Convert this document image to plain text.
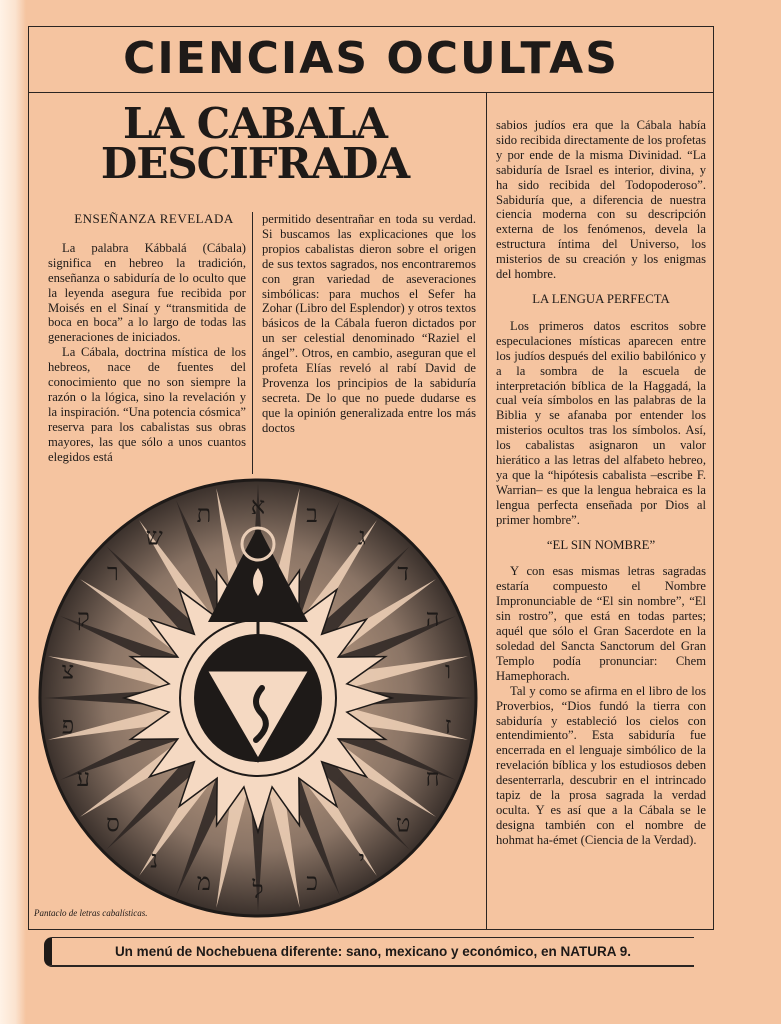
CIENCIAS OCULTAS
LA CABALA
DESCIFRADA

ENSEÑANZA REVELADA

La palabra Kábbalá (Cábala) significa en hebreo la tradición, enseñanza o sabiduría de lo oculto que la leyenda asegura fue recibida por Moisés en el Sinaí y “transmitida de boca en boca” a lo largo de todas las generaciones de iniciados.

La Cábala, doctrina mística de los hebreos, nace de fuentes del conocimiento que no son siempre la razón o la lógica, sino la revelación y la inspiración. “Una potencia cósmica” reserva para los cabalistas sus obras mayores, las que sólo a unos cuantos elegidos está

permitido desentrañar en toda su verdad. Si buscamos las explicaciones que los propios cabalistas dieron sobre el origen de sus textos sagrados, nos encontraremos con gran variedad de aseveraciones simbólicas: para muchos el Sefer ha Zohar (Libro del Esplendor) y otros textos básicos de la Cábala fueron dictados por un ser celestial denominado “Raziel el ángel”. Otros, en cambio, aseguran que el profeta Elías reveló al rabí David de Provenza los principios de la sabiduría secreta. De lo que no puede dudarse es que la opinión generalizada entre los más doctos

sabios judíos era que la Cábala había sido recibida directamente de los profetas y por ende de la misma Divinidad. “La sabiduría de Israel es interior, divina, y ha sido recibida del Todopoderoso”. Sabiduría que, a diferencia de nuestra ciencia moderna con su descripción externa de los fenómenos, devela la estructura íntima del Universo, los misterios de su creación y los enigmas del hombre.

LA LENGUA PERFECTA

Los primeros datos escritos sobre especulaciones místicas aparecen entre los judíos después del exilio babilónico y a la sombra de la escuela de interpretación bíblica de la Haggadá, la cual veía símbolos en las palabras de la Biblia y se afanaba por entender los misterios ocultos tras los símbolos. Así, los cabalistas asignaron un valor hierático a las letras del alfabeto hebreo, ya que la “hipótesis cabalista –escribe F. Warrian– es que la lengua hebraica es la lengua perfecta enseñada por Dios al primer hombre”.

“EL SIN NOMBRE”

Y con esas mismas letras sagradas estaría compuesto el Nombre Impronunciable de “El sin nombre”, “El sin rostro”, que está en todas partes; aquél que sólo el Gran Sacerdote en la soledad del Sancta Sanctorum del Gran Templo podía pronunciar: Chem Hamephorach.

Tal y como se afirma en el libro de los Proverbios, “Dios fundó la tierra con sabiduría y estableció los cielos con entendimiento”. Esta sabiduría fue encerrada en el lenguaje simbólico de la revelación bíblica y los estudiosos deben desenterrarla, descubrir en el intrincado tapiz de la prosa sagrada la verdad oculta. Y es así que a la Cábala se le designa también con el nombre de hohmat ha-émet (Ciencia de la Verdad).

א ב
ג
ד
ה
ו
ז
ח
ט
י
כ
ל
מ
נ
ס
ע
פ
צ
ק
ר
ש
ת
Pantaclo de letras cabalísticas.
Un menú de Nochebuena diferente: sano, mexicano y económico, en NATURA 9.
